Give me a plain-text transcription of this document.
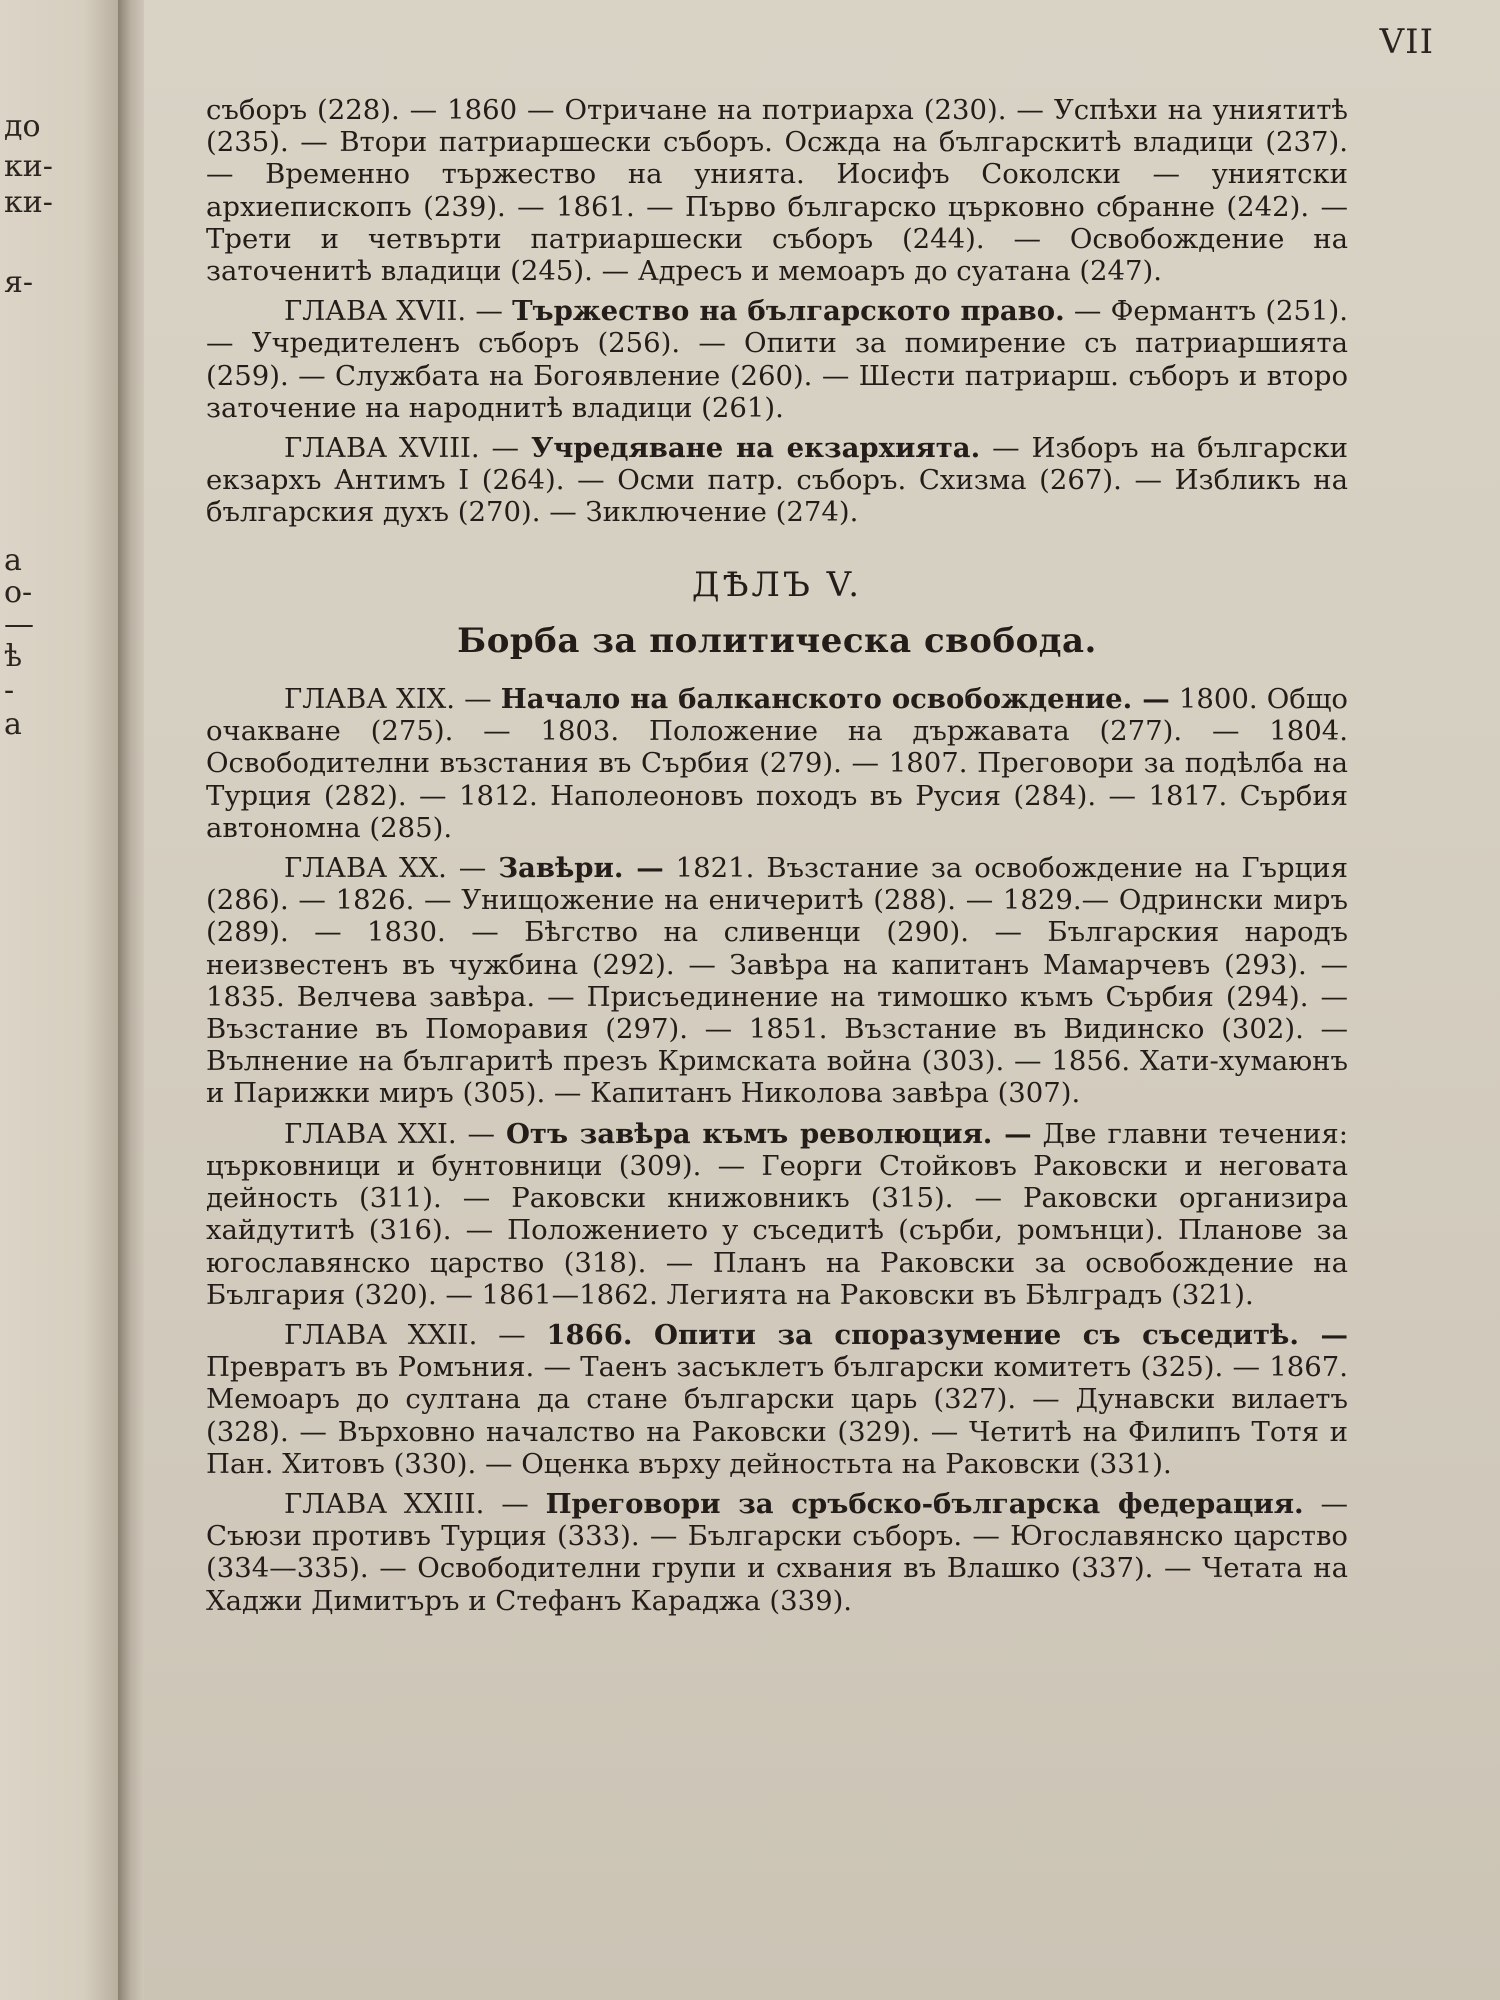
до
ки-
ки-
я-
а
о-
—
ѣ
-
а
VII

съборъ (228). — 1860 — Отричане на потриарха (230). — Успѣхи на униятитѣ (235). — Втори патриаршески съборъ. Осжда на българскитѣ владици (237). — Временно тържество на унията. Иосифъ Соколски — униятски архиепископъ (239). — 1861. — Първо българско църковно сбранне (242). — Трети и четвърти патриаршески съборъ (244). — Освобождение на заточенитѣ владици (245). — Адресъ и мемоаръ до суатана (247).

ГЛАВА XVII. — Тържество на българското право. — Фермантъ (251). — Учредителенъ съборъ (256). — Опити за помирение съ патриаршията (259). — Службата на Богоявление (260). — Шести патриарш. съборъ и второ заточение на народнитѣ владици (261).

ГЛАВА XVIII. — Учредяване на екзархията. — Изборъ на български екзархъ Антимъ I (264). — Осми патр. съборъ. Схизма (267). — Избликъ на българския духъ (270). — Зиключение (274).

ДѢЛЪ V.
Борба за политическа свобода.

ГЛАВА XIX. — Начало на балканското освобождение. — 1800. Общо очакване (275). — 1803. Положение на държавата (277). — 1804. Освободителни възстания въ Сърбия (279). — 1807. Преговори за подѣлба на Турция (282). — 1812. Наполеоновъ походъ въ Русия (284). — 1817. Сърбия автономна (285).

ГЛАВА XX. — Завѣри. — 1821. Възстание за освобождение на Гърция (286). — 1826. — Унищожение на еничеритѣ (288). — 1829.— Одрински миръ (289). — 1830. — Бѣгство на сливенци (290). — Българския народъ неизвестенъ въ чужбина (292). — Завѣра на капитанъ Мамарчевъ (293). — 1835. Велчева завѣра. — Присъединение на тимошко къмъ Сърбия (294). — Възстание въ Поморавия (297). — 1851. Възстание въ Видинско (302). — Вълнение на българитѣ презъ Кримската война (303). — 1856. Хати-хумаюнъ и Парижки миръ (305). — Капитанъ Николова завѣра (307).

ГЛАВА XXI. — Отъ завѣра къмъ революция. — Две главни течения: църковници и бунтовници (309). — Георги Стойковъ Раковски и неговата дейность (311). — Раковски книжовникъ (315). — Раковски организира хайдутитѣ (316). — Положението у съседитѣ (сърби, ромънци). Планове за югославянско царство (318). — Планъ на Раковски за освобождение на България (320). — 1861—1862. Легията на Раковски въ Бѣлградъ (321).

ГЛАВА XXII. — 1866. Опити за споразумение съ съседитѣ. — Превратъ въ Ромъния. — Таенъ засъклетъ български комитетъ (325). — 1867. Мемоаръ до султана да стане български царь (327). — Дунавски вилаетъ (328). — Върховно началство на Раковски (329). — Четитѣ на Филипъ Тотя и Пан. Хитовъ (330). — Оценка върху дейностьта на Раковски (331).

ГЛАВА XXIII. — Преговори за сръбско-българска федерация. — Съюзи противъ Турция (333). — Български съборъ. — Югославянско царство (334—335). — Освободителни групи и схвания въ Влашко (337). — Четата на Хаджи Димитъръ и Стефанъ Караджа (339).
